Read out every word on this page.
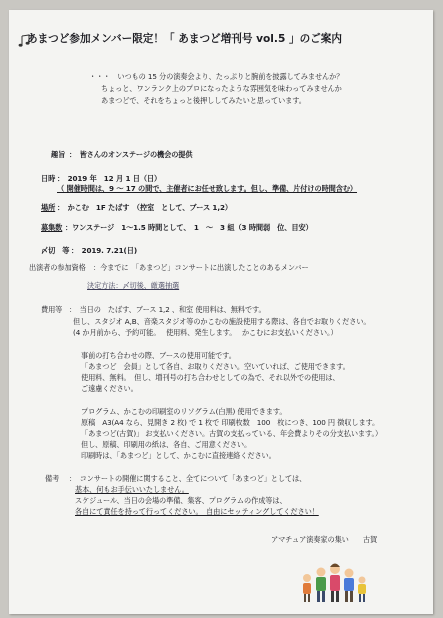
あまつど参加メンバー限定！「 あまつど増刊号 vol.5 」のご案内
・・・　いつもの 15 分の演奏会より、たっぷりと腕前を披露してみませんか？
ちょっと、ワンランク上のプロになったような雰囲気を味わってみませんか
あまつどで、それをちょっと後押ししてみたいと思っています。
趣旨 ：　皆さんのオンステージの機会の提供
日時 ：　2019 年　12 月 1 日（日）
（ 開催時間は、9 ～ 17 の間で、主催者にお任せ致します。但し、準備、片付けの時間含む）
場所 ：　かこむ　1F たばす　（控室　として、ブース 1,2）
募集数 ：ワンステージ　1～1.5 時間として、　1　～　3 組（3 時間弱　位、目安）
〆切　等 ：　2019. 7.21(日)
出演者の参加資格 ：今までに　「あまつど」コンサートに出演したことのあるメンバー
決定方法：〆切後、厳選抽選
費用等 ：　当日の　たばす、ブース 1,2 、和室 使用料は、無料です。
但し、スタジオ A,B、音楽スタジオ等のかこむの施設使用する際は、各自でお取りください。
(4 か月前から、予約可能。　 使用料、発生します。　 かこむにお支払いください。）
事前の打ち合わせの際、ブースの使用可能です。
「あまつど　会員」として各自、お取りください。空いていれば、ご使用できます。
使用料、無料。　但し、増刊号の打ち合わせとしての為で、それ以外での使用は、
ご遠慮ください。
プログラム、かこむの印刷室のリソグラム(白黒) 使用できます。
原稿　A3(A4 なら、見開き 2 枚) で 1 枚で 印刷枚数　100　枚につき、100 円 徴収します。
「あまつど(古賀)」 お支払いください。古賀の支払っている、年会費よりその分支払います。）
但し、原稿、印刷用の紙は、各自、ご用意ください。
印刷時は、「あまつど」として、かこむに直接連絡ください。
備考 ：　コンサートの開催に関すること、全てについて「あまつど」としては、
基本、何もお手伝いいたしません。
スケジュール、当日の会場の準備、集客、プログラムの作成等は、
各自にて責任を持って行ってください。　自由にセッティングしてください！
アマチュア演奏家の集い　　古賀
